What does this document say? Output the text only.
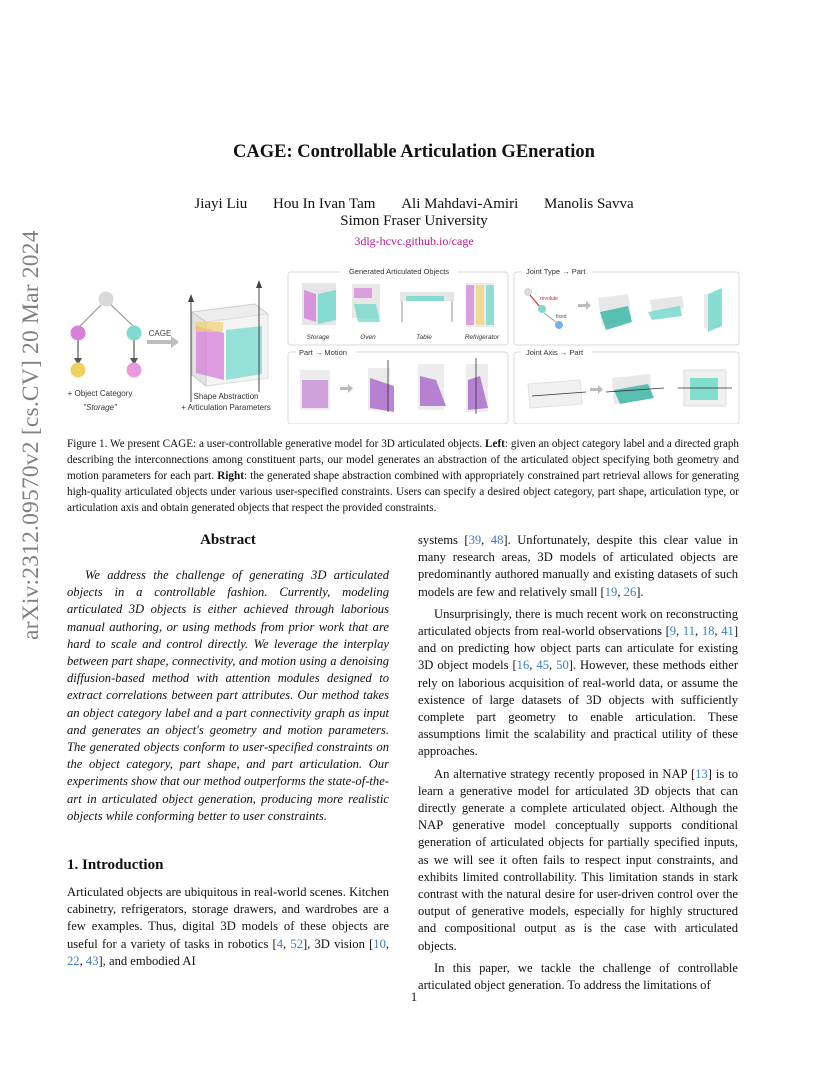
CAGE: Controllable Articulation GEneration
Jiayi Liu Hou In Ivan Tam Ali Mahdavi-Amiri Manolis Savva
Simon Fraser University
3dlg-hcvc.github.io/cage
arXiv:2312.09570v2 [cs.CV] 20 Mar 2024	+ Object Category
"Storage"
CAGE
Shape Abstraction
+ Articulation Parameters
Generated Articulated Objects	Joint Type → Part
Part → Motion	Joint Axis → Part
Storage	Oven	Table	Refrigerator
revolute
fixed
Figure 1. We present CAGE: a user-controllable generative model for 3D articulated objects. Left: given an object category label and a directed graph describing the interconnections among constituent parts, our model generates an abstraction of the articulated object specifying both geometry and motion parameters for each part. Right: the generated shape abstraction combined with appropriately constrained part retrieval allows for generating high-quality articulated objects under various user-specified constraints. Users can specify a desired object category, part shape, articulation type, or articulation axis and obtain generated objects that respect the provided constraints.
Abstract
We address the challenge of generating 3D articulated objects in a controllable fashion. Currently, modeling articulated 3D objects is either achieved through laborious manual authoring, or using methods from prior work that are hard to scale and control directly. We leverage the interplay between part shape, connectivity, and motion using a denoising diffusion-based method with attention modules designed to extract correlations between part attributes. Our method takes an object category label and a part connectivity graph as input and generates an object's geometry and motion parameters. The generated objects conform to user-specified constraints on the object category, part shape, and part articulation. Our experiments show that our method outperforms the state-of-the-art in articulated object generation, producing more realistic objects while conforming better to user constraints.
1. Introduction

Articulated objects are ubiquitous in real-world scenes. Kitchen cabinetry, refrigerators, storage drawers, and wardrobes are a few examples. Thus, digital 3D models of these objects are useful for a variety of tasks in robotics [4, 52], 3D vision [10, 22, 43], and embodied AI

systems [39, 48]. Unfortunately, despite this clear value in many research areas, 3D models of articulated objects are predominantly authored manually and existing datasets of such models are few and relatively small [19, 26].

Unsurprisingly, there is much recent work on reconstructing articulated objects from real-world observations [9, 11, 18, 41] and on predicting how object parts can articulate for existing 3D object models [16, 45, 50]. However, these methods either rely on laborious acquisition of real-world data, or assume the existence of large datasets of 3D objects with sufficiently complete part geometry to enable articulation. These assumptions limit the scalability and practical utility of these approaches.

An alternative strategy recently proposed in NAP [13] is to learn a generative model for articulated 3D objects that can directly generate a complete articulated object. Although the NAP generative model conceptually supports conditional generation of articulated objects for partially specified inputs, as we will see it often fails to respect input constraints, and exhibits limited controllability. This limitation stands in stark contrast with the natural desire for user-driven control over the output of generative models, especially for highly structured and compositional output as is the case with articulated objects.

In this paper, we tackle the challenge of controllable articulated object generation. To address the limitations of

1
